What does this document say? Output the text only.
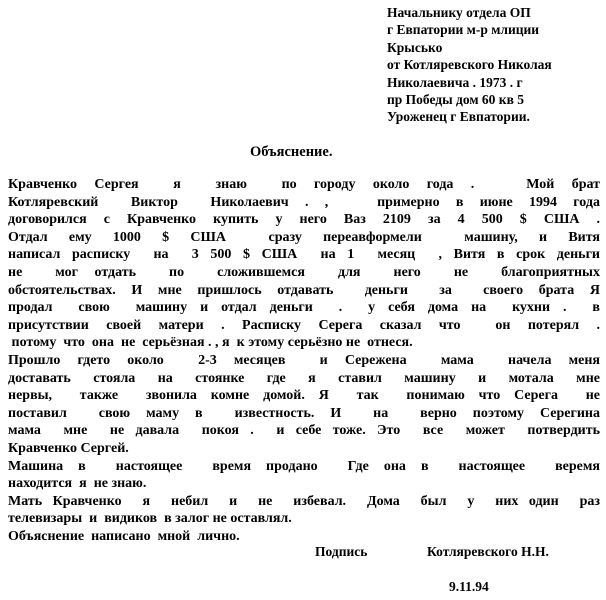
Начальнику отдела ОП
г Евпатории м-р млиции
Крысько
от Котляревского Николая
Николаевича . 1973 . г
пр Победы дом 60 кв 5
Уроженец г Евпатории.
Объяснение.
Кравченко Сергея  я  знаю  по городу около года .   Мой брат
Котляревский  Виктор  Николаевич . ,   примерно в июне 1994 года
договорился с Кравченко купить у него Ваз 2109 за 4 500 $ США .
Отдал ему 1000 $ США  сразу переавформели  машину, и Витя
написал расписку  на  3 500 $ США  на 1  месяц  , Витя в срок деньги
не  мог отдать  по  сложившемся  для  него  не  благоприятных
обстоятельствах. И мне пришлось отдавать  деньги  за  своего брата Я
продал  свою  машину и отдал деньги  .  у себя дома на  кухни .  в
присутствии своей матери . Расписку Серега сказал что  он потерял .
потому  что  она  не  серьёзная . , я  к этому серьёзно не  отнеся.
Прошло гдето около  2-3 месяцев  и Сережена  мама  начела меня
доставать стояла на стоянке где я ставил машину и мотала мне
нервы,  также  звонила комне домой. Я  так  понимаю что Серега  не
поставил  свою маму в  известность. И  на  верно поэтому Серегина
мама  мне  не давала  покоя .  и себе тоже. Это  все  может  потвердить
Кравченко Сергей.
Машина в  настоящее  время продано  Где она в  настоящее  веремя
находится  я  не знаю.
Мать Кравченко  я  небил  и  не  избевал.  Дома  был  у  них один  раз
телевизары  и  видиков  в залог не оставлял.
Объяснение  написано  мной  лично.
Подпись	Котляревского Н.Н.
9.11.94
